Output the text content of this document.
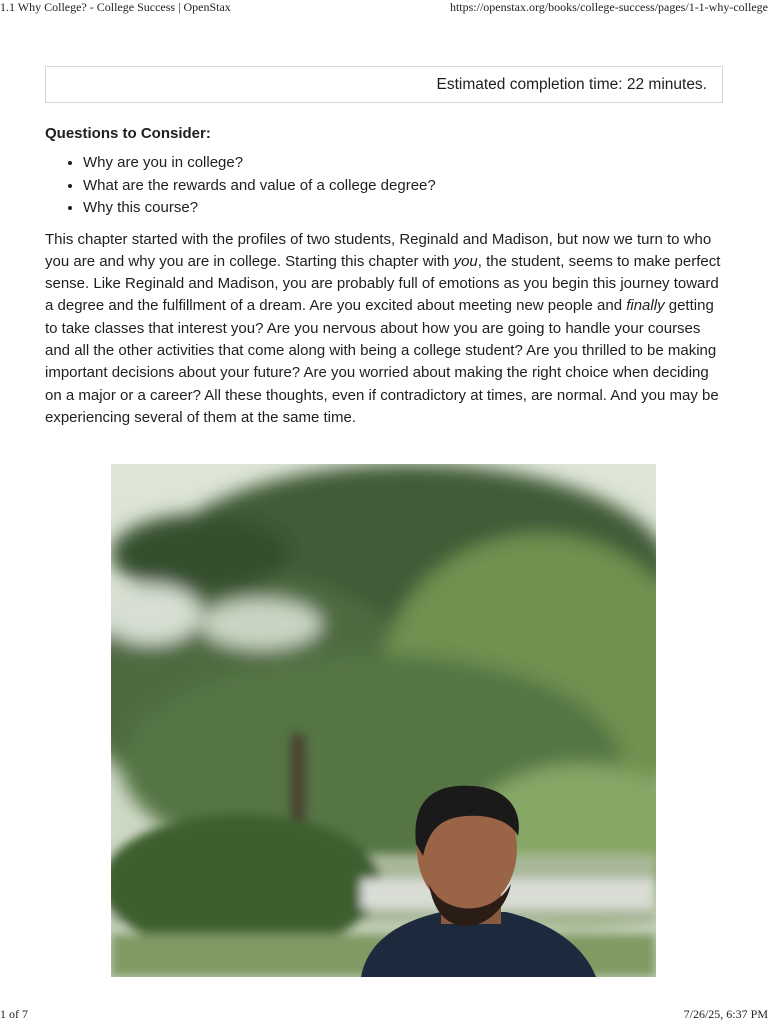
1.1 Why College? - College Success | OpenStax	https://openstax.org/books/college-success/pages/1-1-why-college
Estimated completion time: 22 minutes.
Questions to Consider:
• Why are you in college?
• What are the rewards and value of a college degree?
• Why this course?

This chapter started with the profiles of two students, Reginald and Madison, but now we turn to who you are and why you are in college. Starting this chapter with you, the student, seems to make perfect sense. Like Reginald and Madison, you are probably full of emotions as you begin this journey toward a degree and the fulfillment of a dream. Are you excited about meeting new people and finally getting to take classes that interest you? Are you nervous about how you are going to handle your courses and all the other activities that come along with being a college student? Are you thrilled to be making important decisions about your future? Are you worried about making the right choice when deciding on a major or a career? All these thoughts, even if contradictory at times, are normal. And you may be experiencing several of them at the same time.

1 of 7	7/26/25, 6:37 PM
